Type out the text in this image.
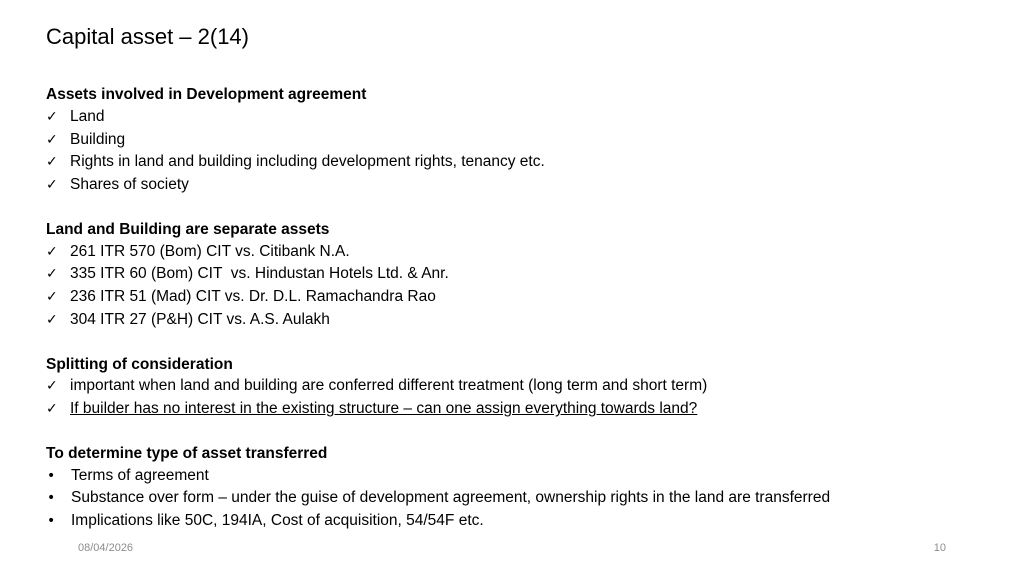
Capital asset – 2(14)
Assets involved in Development agreement
✓ Land
✓ Building
✓ Rights in land and building including development rights, tenancy etc.
✓ Shares of society
Land and Building are separate assets
✓ 261 ITR 570 (Bom) CIT vs. Citibank N.A.
✓ 335 ITR 60 (Bom) CIT  vs. Hindustan Hotels Ltd. & Anr.
✓ 236 ITR 51 (Mad) CIT vs. Dr. D.L. Ramachandra Rao
✓ 304 ITR 27 (P&H) CIT vs. A.S. Aulakh
Splitting of consideration
✓ important when land and building are conferred different treatment (long term and short term)
✓ If builder has no interest in the existing structure – can one assign everything towards land?
To determine type of asset transferred
•	Terms of agreement
•	Substance over form – under the guise of development agreement, ownership rights in the land are transferred
•	Implications like 50C, 194IA, Cost of acquisition, 54/54F etc.
08/04/2026	10
